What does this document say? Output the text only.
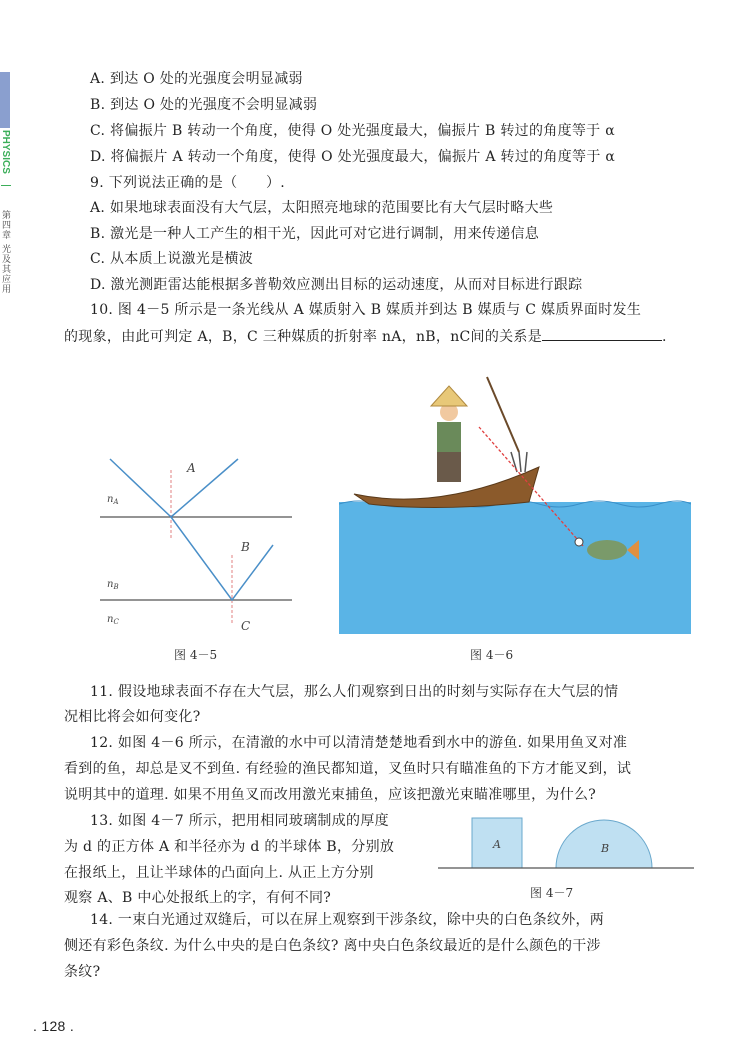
PHYSICS
第四章 光及其应用
A. 到达 O 处的光强度会明显减弱
B. 到达 O 处的光强度不会明显减弱
C. 将偏振片 B 转动一个角度，使得 O 处光强度最大，偏振片 B 转过的角度等于 α
D. 将偏振片 A 转动一个角度，使得 O 处光强度最大，偏振片 A 转过的角度等于 α
9. 下列说法正确的是（　　）.
A. 如果地球表面没有大气层，太阳照亮地球的范围要比有大气层时略大些
B. 激光是一种人工产生的相干光，因此可对它进行调制，用来传递信息
C. 从本质上说激光是横波
D. 激光测距雷达能根据多普勒效应测出目标的运动速度，从而对目标进行跟踪
10. 图 4－5 所示是一条光线从 A 媒质射入 B 媒质并到达 B 媒质与 C 媒质界面时发生
的现象，由此可判定 A，B，C 三种媒质的折射率 nA，nB，nC间的关系是	.
A
B
C
$n_A$
$n_B$
$n_C$
图 4－5	图 4－6
11. 假设地球表面不存在大气层，那么人们观察到日出的时刻与实际存在大气层的情
况相比将会如何变化?
12. 如图 4－6 所示，在清澈的水中可以清清楚楚地看到水中的游鱼. 如果用鱼叉对准
看到的鱼，却总是叉不到鱼. 有经验的渔民都知道，叉鱼时只有瞄准鱼的下方才能叉到，试
说明其中的道理. 如果不用鱼叉而改用激光束捕鱼，应该把激光束瞄准哪里，为什么?
13. 如图 4－7 所示，把用相同玻璃制成的厚度
为 d 的正方体 A 和半径亦为 d 的半球体 B，分别放
在报纸上，且让半球体的凸面向上. 从正上方分别
观察 A、B 中心处报纸上的字，有何不同?
A	B
图 4－7
14. 一束白光通过双缝后，可以在屏上观察到干涉条纹，除中央的白色条纹外，两
侧还有彩色条纹. 为什么中央的是白色条纹? 离中央白色条纹最近的是什么颜色的干涉
条纹?
. 128 .
